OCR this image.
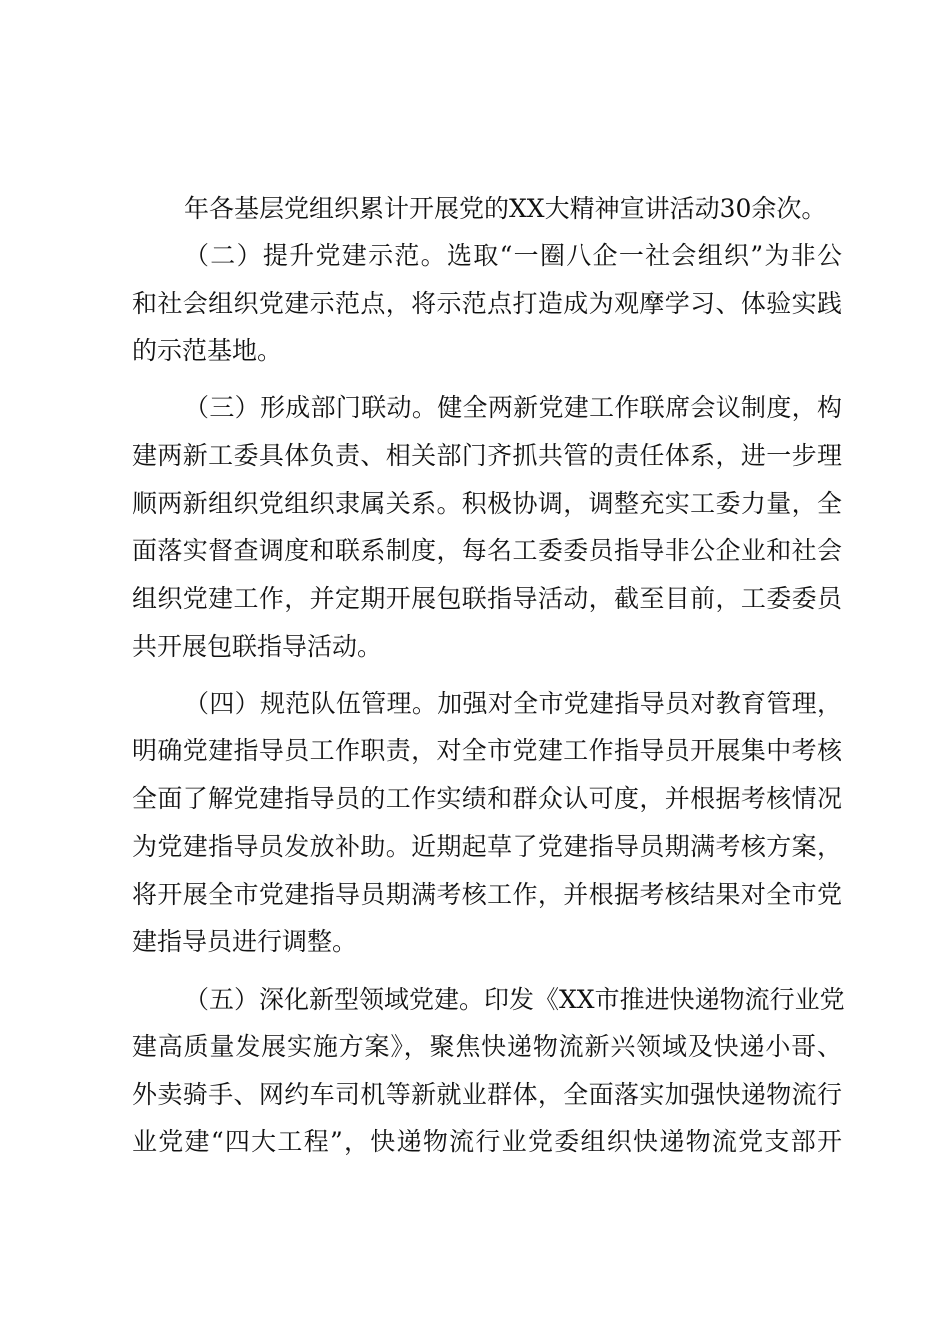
年各基层党组织累计开展党的XX大精神宣讲活动30余次。
（二）提升党建示范。选取“一圈八企一社会组织”为非公
和社会组织党建示范点，将示范点打造成为观摩学习、体验实践
的示范基地。
（三）形成部门联动。健全两新党建工作联席会议制度，构
建两新工委具体负责、相关部门齐抓共管的责任体系，进一步理
顺两新组织党组织隶属关系。积极协调，调整充实工委力量，全
面落实督查调度和联系制度，每名工委委员指导非公企业和社会
组织党建工作，并定期开展包联指导活动，截至目前，工委委员
共开展包联指导活动。
（四）规范队伍管理。加强对全市党建指导员对教育管理，
明确党建指导员工作职责，对全市党建工作指导员开展集中考核
全面了解党建指导员的工作实绩和群众认可度，并根据考核情况
为党建指导员发放补助。近期起草了党建指导员期满考核方案，
将开展全市党建指导员期满考核工作，并根据考核结果对全市党
建指导员进行调整。
（五）深化新型领域党建。印发《XX市推进快递物流行业党
建高质量发展实施方案》，聚焦快递物流新兴领域及快递小哥、
外卖骑手、网约车司机等新就业群体，全面落实加强快递物流行
业党建“四大工程”，快递物流行业党委组织快递物流党支部开
